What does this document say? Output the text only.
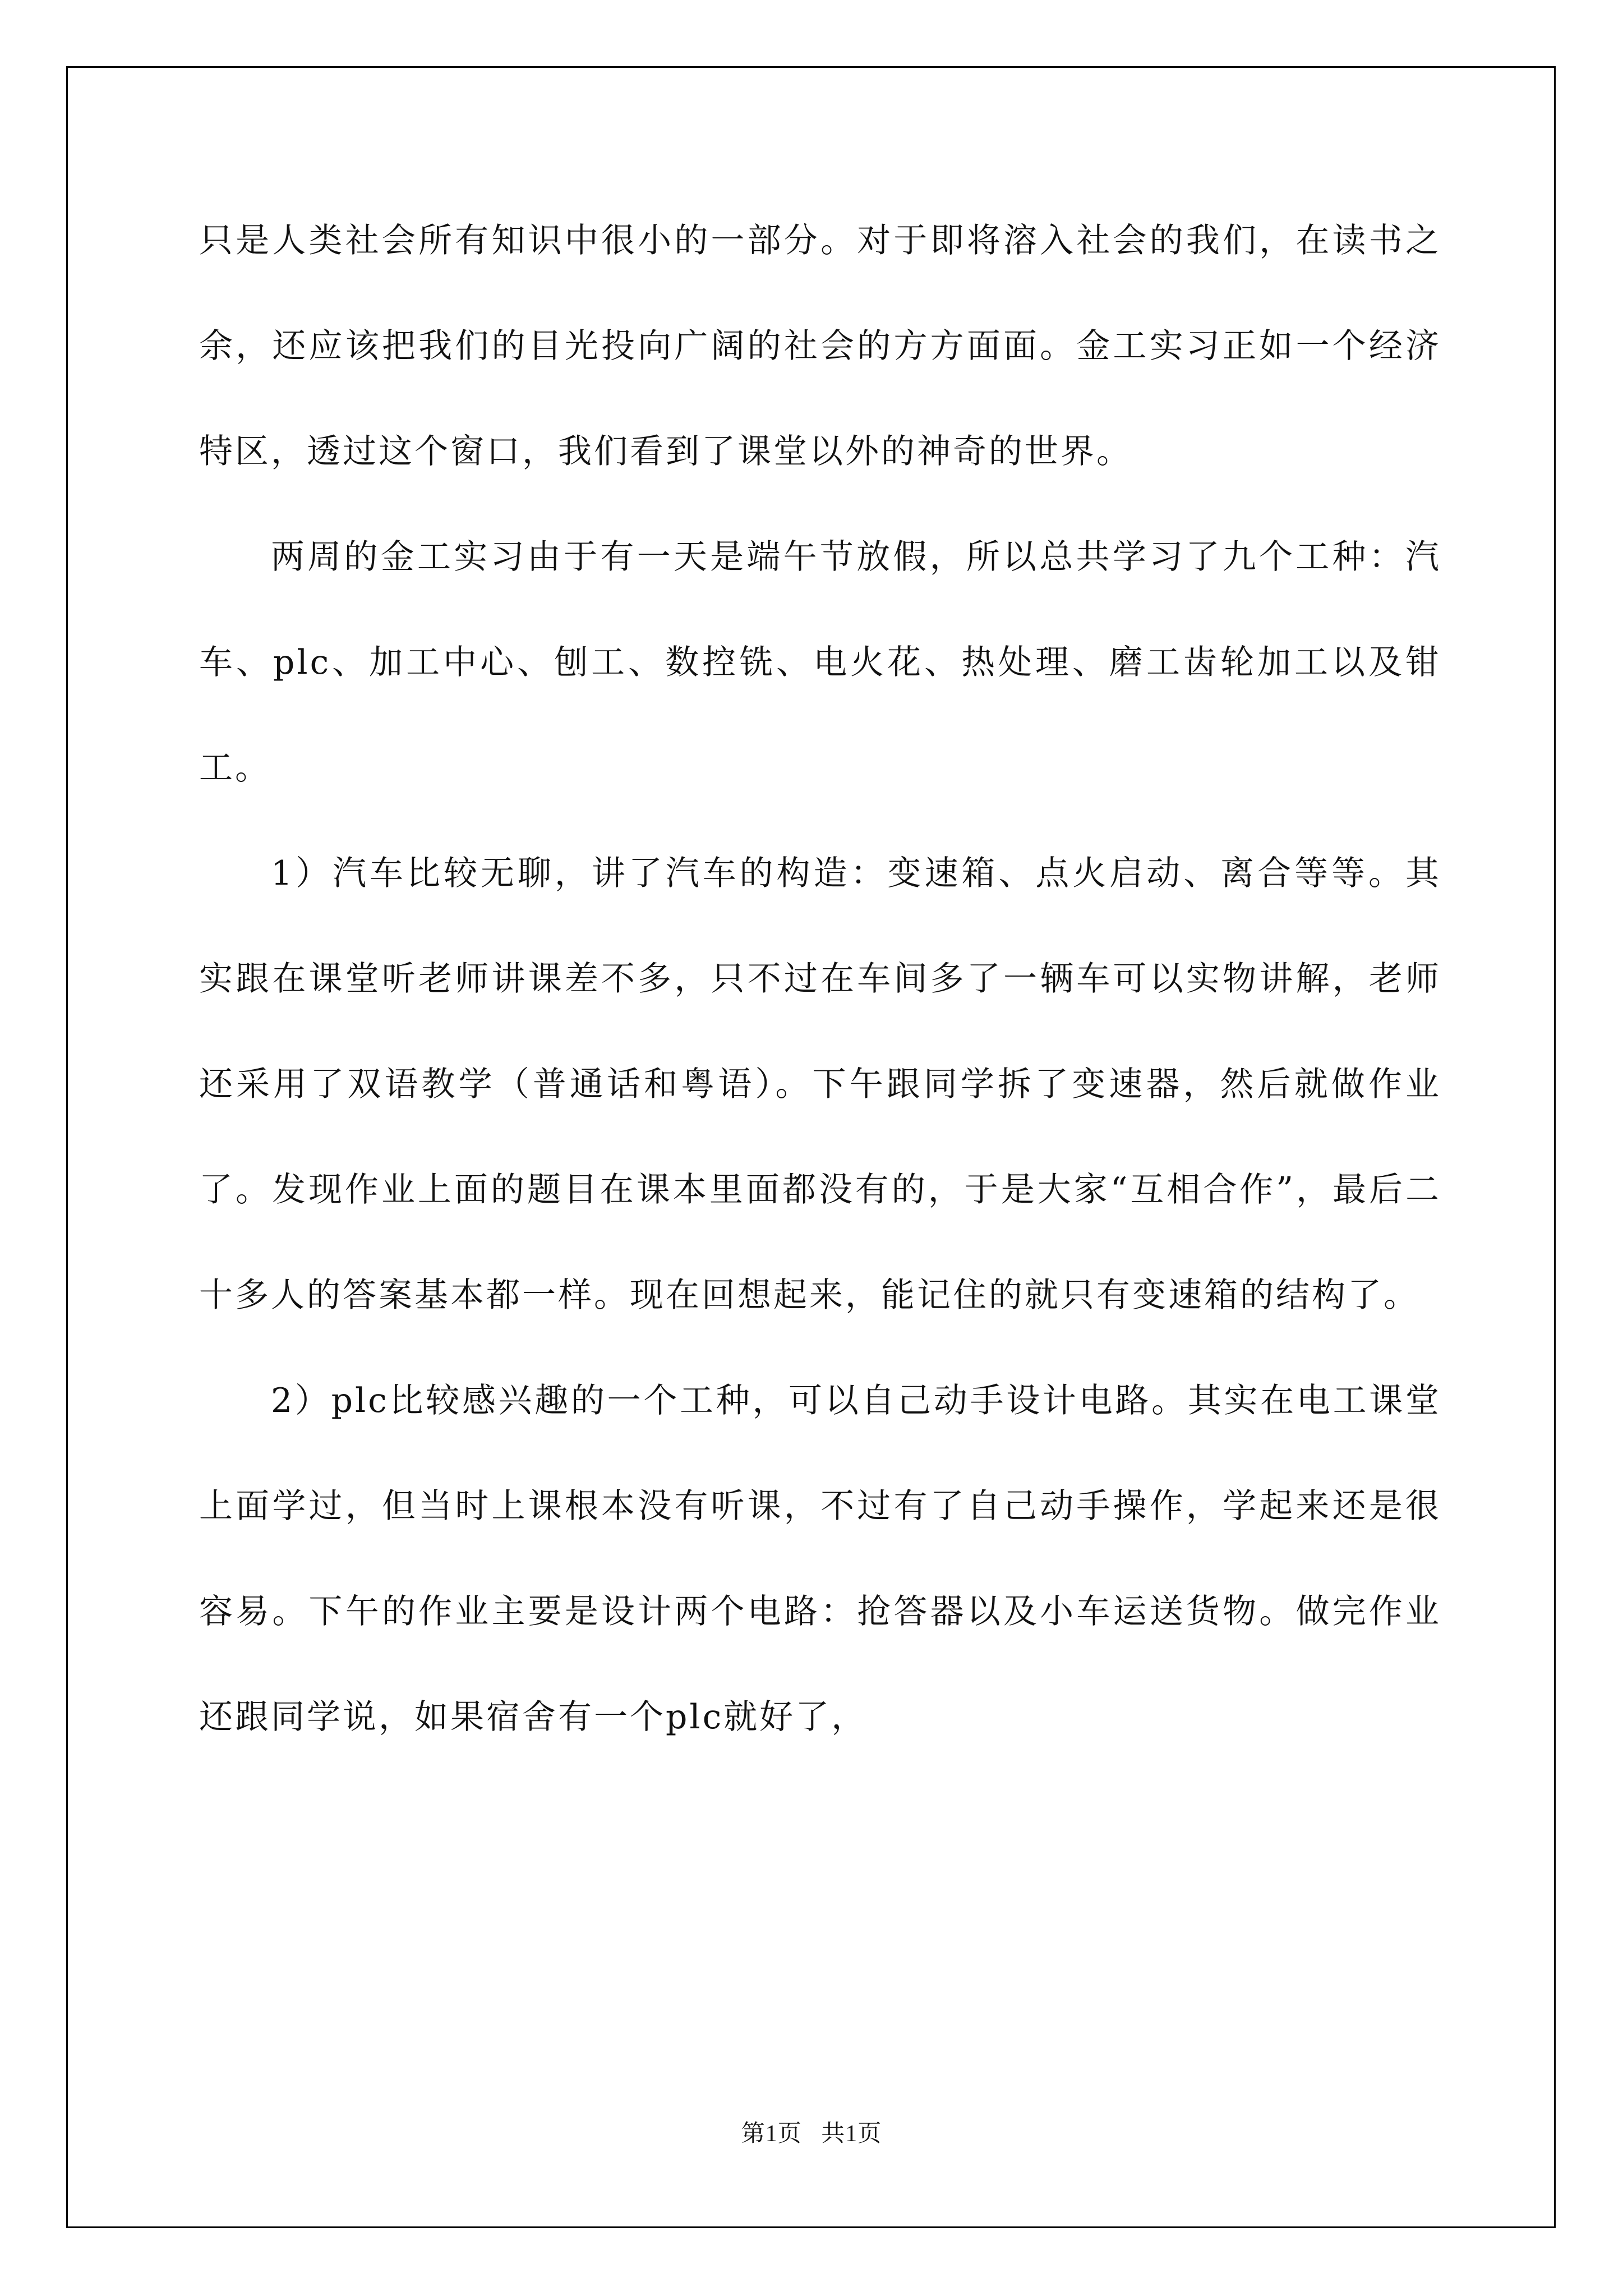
只是人类社会所有知识中很小的一部分。对于即将溶入社会的我们，在读书之余，还应该把我们的目光投向广阔的社会的方方面面。金工实习正如一个经济特区，透过这个窗口，我们看到了课堂以外的神奇的世界。

两周的金工实习由于有一天是端午节放假，所以总共学习了九个工种：汽车、plc、加工中心、刨工、数控铣、电火花、热处理、磨工齿轮加工以及钳工。

1）汽车比较无聊，讲了汽车的构造：变速箱、点火启动、离合等等。其实跟在课堂听老师讲课差不多，只不过在车间多了一辆车可以实物讲解，老师还采用了双语教学（普通话和粤语）。下午跟同学拆了变速器，然后就做作业了。发现作业上面的题目在课本里面都没有的，于是大家“互相合作”，最后二十多人的答案基本都一样。现在回想起来，能记住的就只有变速箱的结构了。

2）plc比较感兴趣的一个工种，可以自己动手设计电路。其实在电工课堂上面学过，但当时上课根本没有听课，不过有了自己动手操作，学起来还是很容易。下午的作业主要是设计两个电路：抢答器以及小车运送货物。做完作业还跟同学说，如果宿舍有一个plc就好了，

第1页 共1页
